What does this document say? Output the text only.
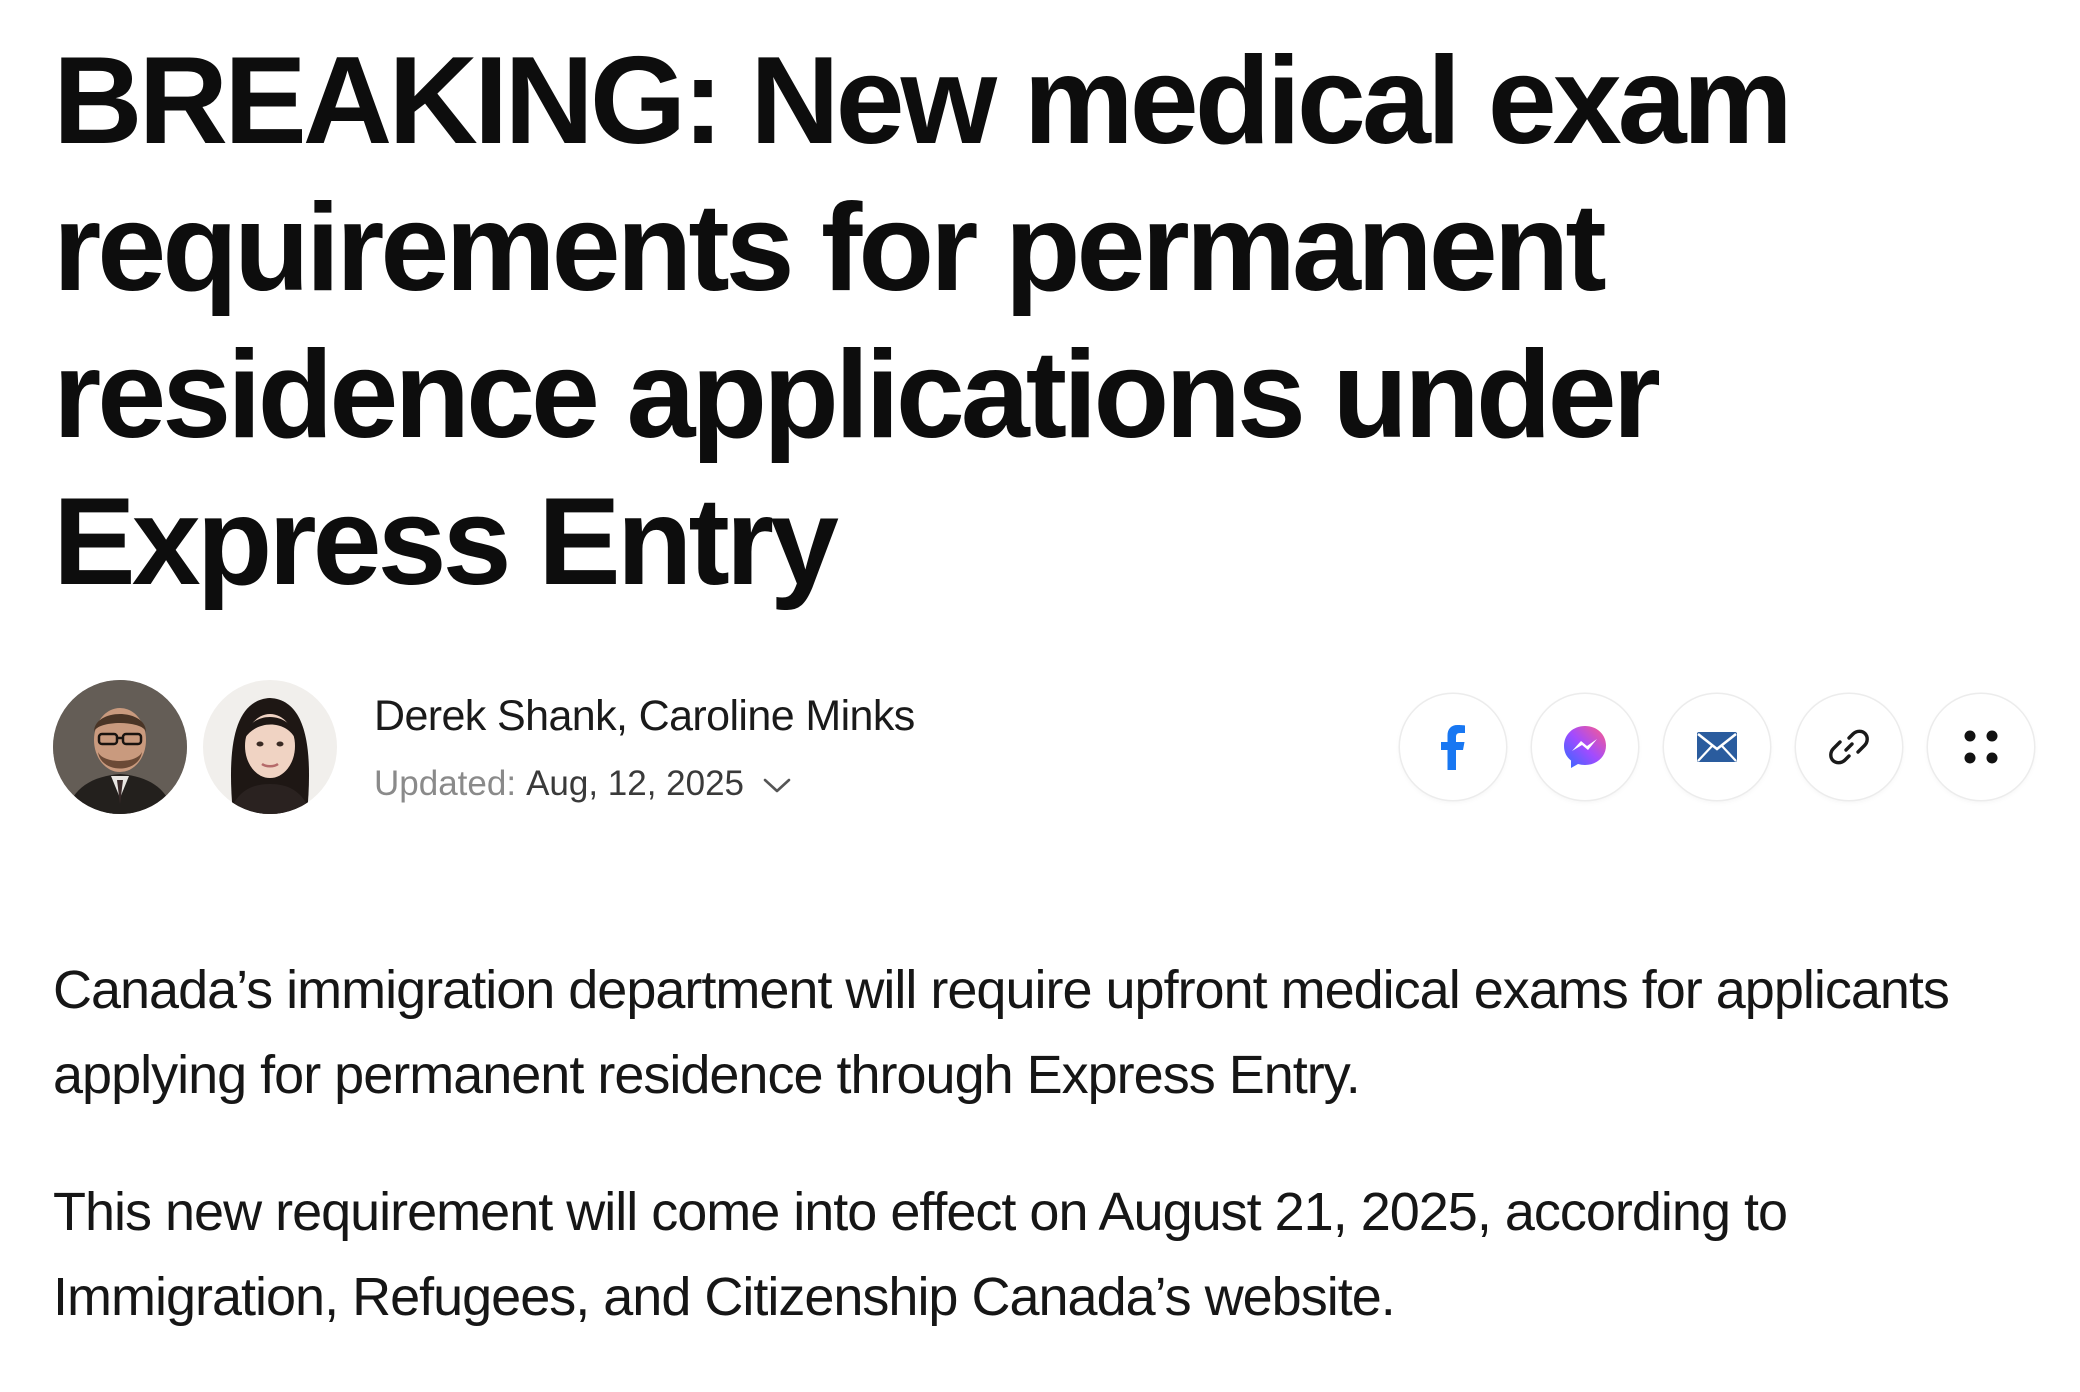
BREAKING: New medical exam requirements for permanent residence applications under Express Entry
Derek Shank, Caroline Minks
Updated: Aug, 12, 2025

Canada’s immigration department will require upfront medical exams for applicants applying for permanent residence through Express Entry.

This new requirement will come into effect on August 21, 2025, according to Immigration, Refugees, and Citizenship Canada’s website.
